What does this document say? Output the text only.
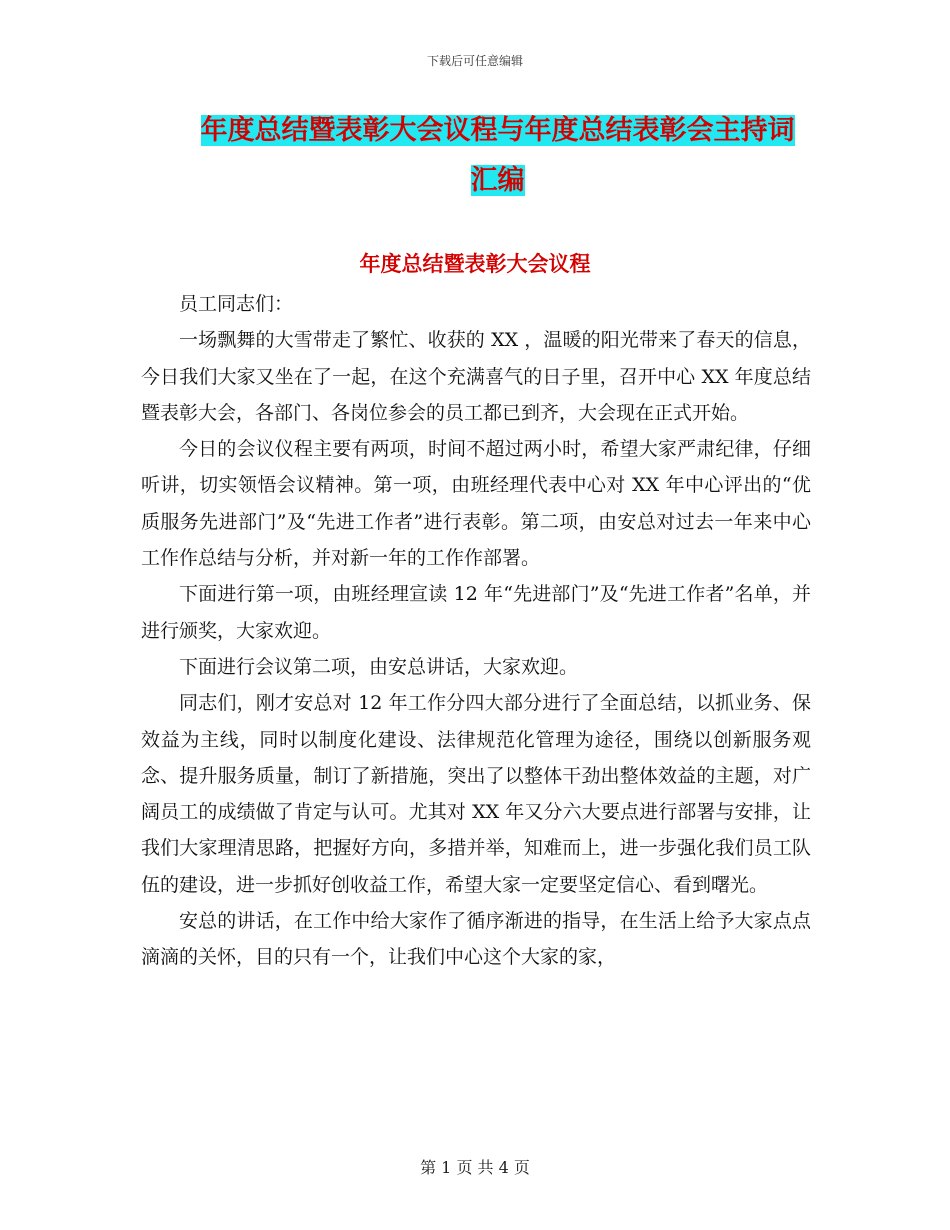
下载后可任意编辑
年度总结暨表彰大会议程与年度总结表彰会主持词汇编
年度总结暨表彰大会议程

员工同志们：

一场飘舞的大雪带走了繁忙、收获的 XX ，温暖的阳光带来了春天的信息，今日我们大家又坐在了一起，在这个充满喜气的日子里，召开中心 XX 年度总结暨表彰大会，各部门、各岗位参会的员工都已到齐，大会现在正式开始。

今日的会议仪程主要有两项，时间不超过两小时，希望大家严肃纪律，仔细听讲，切实领悟会议精神。第一项，由班经理代表中心对 XX 年中心评出的“优质服务先进部门”及“先进工作者”进行表彰。第二项，由安总对过去一年来中心工作作总结与分析，并对新一年的工作作部署。

下面进行第一项，由班经理宣读 12 年“先进部门”及“先进工作者”名单，并进行颁奖，大家欢迎。

下面进行会议第二项，由安总讲话，大家欢迎。

同志们，刚才安总对 12 年工作分四大部分进行了全面总结，以抓业务、保效益为主线，同时以制度化建设、法律规范化管理为途径，围绕以创新服务观念、提升服务质量，制订了新措施，突出了以整体干劲出整体效益的主题，对广阔员工的成绩做了肯定与认可。尤其对 XX 年又分六大要点进行部署与安排，让我们大家理清思路，把握好方向，多措并举，知难而上，进一步强化我们员工队伍的建设，进一步抓好创收益工作，希望大家一定要坚定信心、看到曙光。

安总的讲话，在工作中给大家作了循序渐进的指导，在生活上给予大家点点滴滴的关怀，目的只有一个，让我们中心这个大家的家，

第 1 页 共 4 页
